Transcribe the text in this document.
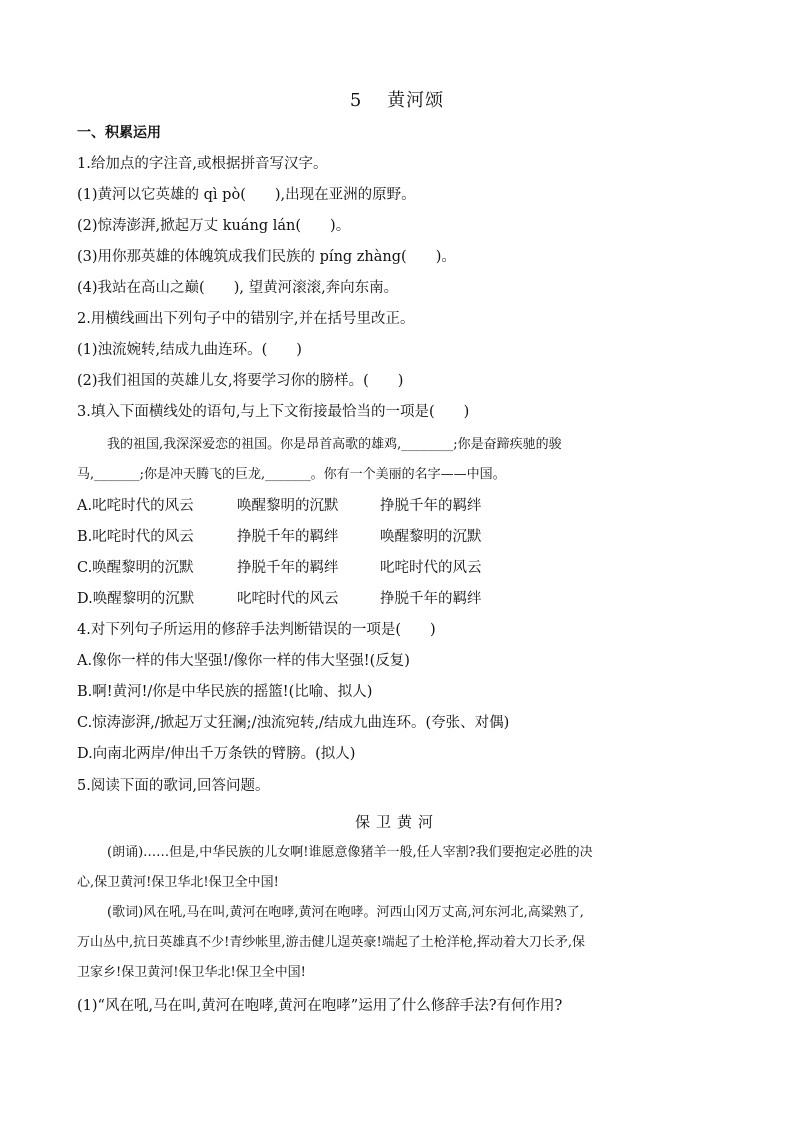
5 黄河颂
一、积累运用
1.给加点的字注音,或根据拼音写汉字。
(1)黄河以它英雄的 qì pò(　　),出现在亚洲的原野。
(2)惊涛澎湃,掀起万丈 kuáng lán(　　)。
(3)用你那英雄的体魄筑成我们民族的 píng zhàng(　　)。
(4)我站在高山之巅(　　), 望黄河滚滚,奔向东南。
2.用横线画出下列句子中的错别字,并在括号里改正。
(1)浊流婉转,结成九曲连环。(　　)
(2)我们祖国的英雄儿女,将要学习你的膀样。(　　)
3.填入下面横线处的语句,与上下文衔接最恰当的一项是(　　)
我的祖国,我深深爱恋的祖国。你是昂首高歌的雄鸡,________;你是奋蹄疾驰的骏
马,_______;你是冲天腾飞的巨龙,_______。你有一个美丽的名字——中国。
A.叱咤时代的风云	唤醒黎明的沉默	挣脱千年的羁绊
B.叱咤时代的风云	挣脱千年的羁绊	唤醒黎明的沉默
C.唤醒黎明的沉默	挣脱千年的羁绊	叱咤时代的风云
D.唤醒黎明的沉默	叱咤时代的风云	挣脱千年的羁绊
4.对下列句子所运用的修辞手法判断错误的一项是(　　)
A.像你一样的伟大坚强!/像你一样的伟大坚强!(反复)
B.啊!黄河!/你是中华民族的摇篮!(比喻、拟人)
C.惊涛澎湃,/掀起万丈狂澜;/浊流宛转,/结成九曲连环。(夸张、对偶)
D.向南北两岸/伸出千万条铁的臂膀。(拟人)
5.阅读下面的歌词,回答问题。
保卫黄河
(朗诵)……但是,中华民族的儿女啊!谁愿意像猪羊一般,任人宰割?我们要抱定必胜的决
心,保卫黄河!保卫华北!保卫全中国!
(歌词)风在吼,马在叫,黄河在咆哮,黄河在咆哮。河西山冈万丈高,河东河北,高粱熟了,
万山丛中,抗日英雄真不少!青纱帐里,游击健儿逞英豪!端起了土枪洋枪,挥动着大刀长矛,保
卫家乡!保卫黄河!保卫华北!保卫全中国!
(1)“风在吼,马在叫,黄河在咆哮,黄河在咆哮”运用了什么修辞手法?有何作用?
